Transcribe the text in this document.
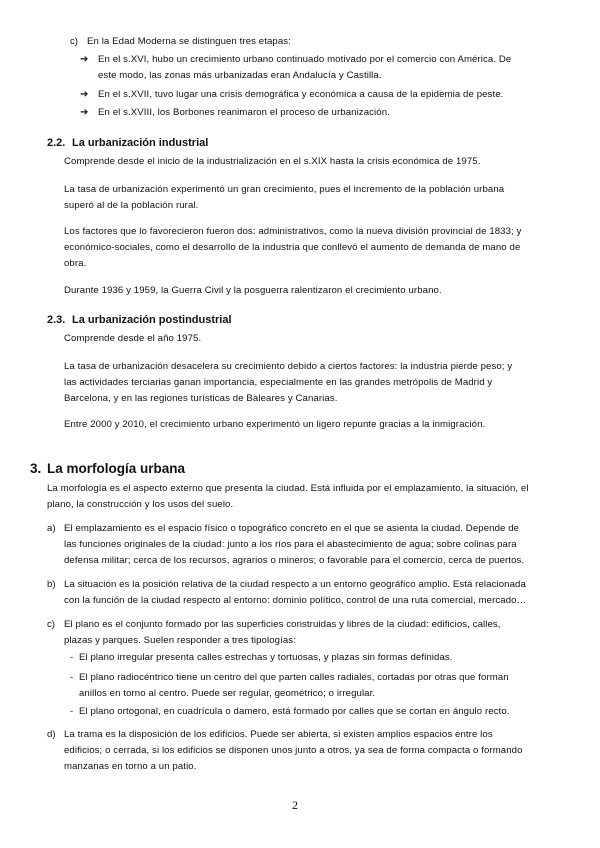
c) En la Edad Moderna se distinguen tres etapas:
➔ En el s.XVI, hubo un crecimiento urbano continuado motivado por el comercio con América. De
este modo, las zonas más urbanizadas eran Andalucía y Castilla.
➔ En el s.XVII, tuvo lugar una crisis demográfica y económica a causa de la epidemia de peste.
➔ En el s.XVIII, los Borbones reanimaron el proceso de urbanización.
2.2. La urbanización industrial
Comprende desde el inicio de la industrialización en el s.XIX hasta la crisis económica de 1975.
La tasa de urbanización experimentó un gran crecimiento, pues el incremento de la población urbana
superó al de la población rural.
Los factores que lo favorecieron fueron dos: administrativos, como la nueva división provincial de 1833; y
económico-sociales, como el desarrollo de la industria que conllevó el aumento de demanda de mano de
obra.
Durante 1936 y 1959, la Guerra Civil y la posguerra ralentizaron el crecimiento urbano.
2.3. La urbanización postindustrial
Comprende desde el año 1975.
La tasa de urbanización desacelera su crecimiento debido a ciertos factores: la industria pierde peso; y
las actividades terciarias ganan importancia, especialmente en las grandes metrópolis de Madrid y
Barcelona, y en las regiones turísticas de Baleares y Canarias.
Entre 2000 y 2010, el crecimiento urbano experimentó un ligero repunte gracias a la inmigración.
3. La morfología urbana
La morfología es el aspecto externo que presenta la ciudad. Está influida por el emplazamiento, la situación, el
plano, la construcción y los usos del suelo.
a) El emplazamiento es el espacio físico o topográfico concreto en el que se asienta la ciudad. Depende de
las funciones originales de la ciudad: junto a los ríos para el abastecimiento de agua; sobre colinas para
defensa militar; cerca de los recursos, agrarios o mineros; o favorable para el comercio, cerca de puertos.
b) La situación es la posición relativa de la ciudad respecto a un entorno geográfico amplio. Está relacionada
con la función de la ciudad respecto al entorno: dominio político, control de una ruta comercial, mercado…
c) El plano es el conjunto formado por las superficies construidas y libres de la ciudad: edificios, calles,
plazas y parques. Suelen responder a tres tipologías:
- El plano irregular presenta calles estrechas y tortuosas, y plazas sin formas definidas.
- El plano radiocéntrico tiene un centro del que parten calles radiales, cortadas por otras que forman
anillos en torno al centro. Puede ser regular, geométrico; o irregular.
- El plano ortogonal, en cuadrícula o damero, está formado por calles que se cortan en ángulo recto.
d) La trama es la disposición de los edificios. Puede ser abierta, si existen amplios espacios entre los
edificios; o cerrada, si los edificios se disponen unos junto a otros, ya sea de forma compacta o formando
manzanas en torno a un patio.
2
